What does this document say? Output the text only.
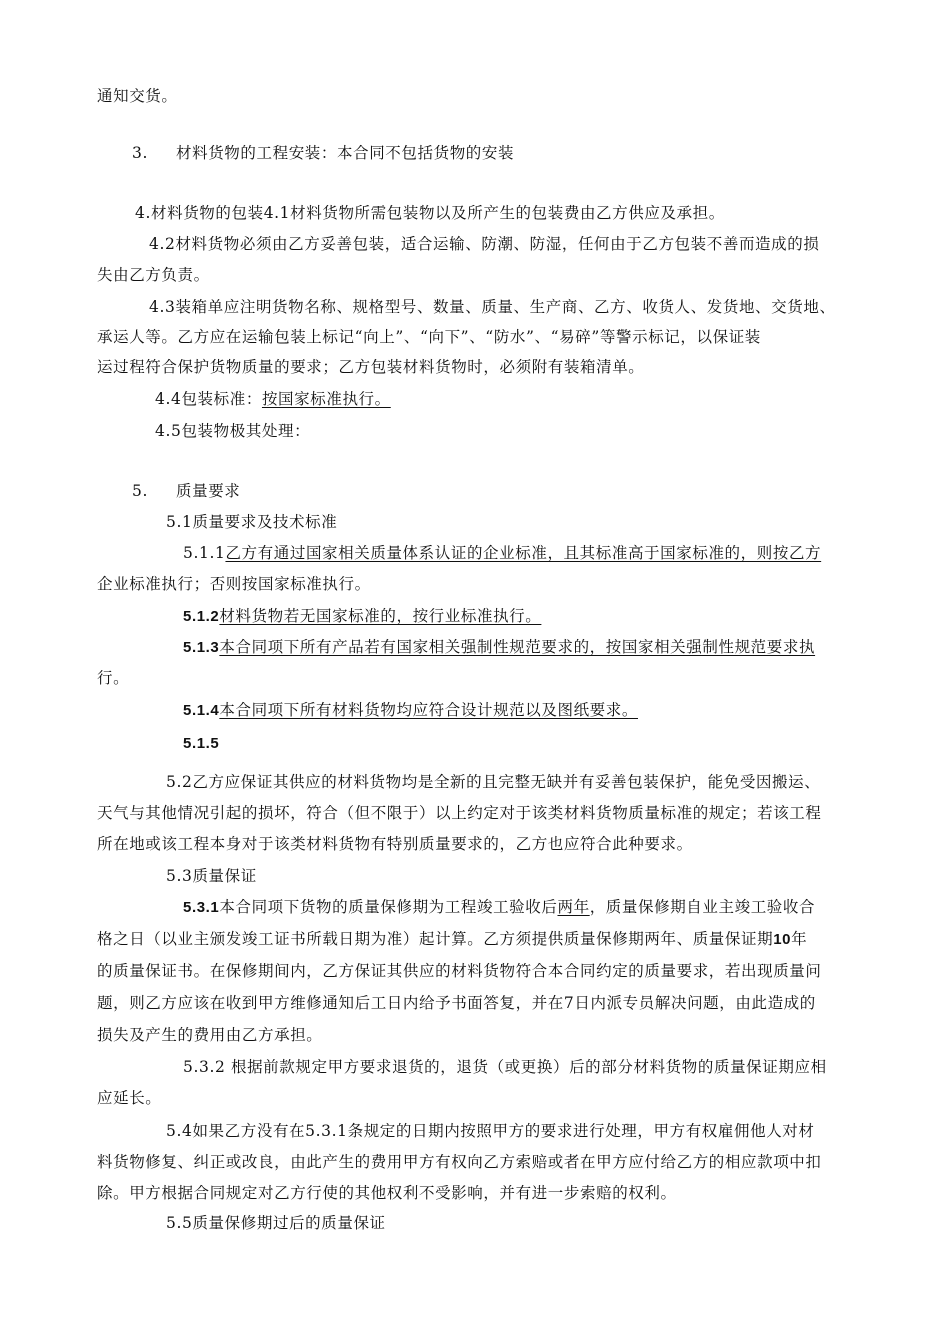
通知交货。
3. 材料货物的工程安装：本合同不包括货物的安装
4.材料货物的包装4.1材料货物所需包装物以及所产生的包装费由乙方供应及承担。
4.2材料货物必须由乙方妥善包装，适合运输、防潮、防湿，任何由于乙方包装不善而造成的损
失由乙方负责。
4.3装箱单应注明货物名称、规格型号、数量、质量、生产商、乙方、收货人、发货地、交货地、
承运人等。乙方应在运输包装上标记“向上”、“向下”、“防水”、“易碎”等警示标记，以保证装
运过程符合保护货物质量的要求；乙方包装材料货物时，必须附有装箱清单。
4.4包装标准：按国家标准执行。
4.5包装物极其处理：
5. 质量要求
5.1质量要求及技术标准
5.1.1乙方有通过国家相关质量体系认证的企业标准，且其标准高于国家标准的，则按乙方
企业标准执行；否则按国家标准执行。
5.1.2材料货物若无国家标准的，按行业标准执行。
5.1.3本合同项下所有产品若有国家相关强制性规范要求的，按国家相关强制性规范要求执
行。
5.1.4本合同项下所有材料货物均应符合设计规范以及图纸要求。
5.1.5
5.2乙方应保证其供应的材料货物均是全新的且完整无缺并有妥善包装保护，能免受因搬运、
天气与其他情况引起的损坏，符合（但不限于）以上约定对于该类材料货物质量标准的规定；若该工程
所在地或该工程本身对于该类材料货物有特别质量要求的，乙方也应符合此种要求。
5.3质量保证
5.3.1本合同项下货物的质量保修期为工程竣工验收后两年，质量保修期自业主竣工验收合
格之日（以业主颁发竣工证书所载日期为准）起计算。乙方须提供质量保修期两年、质量保证期10年
的质量保证书。在保修期间内，乙方保证其供应的材料货物符合本合同约定的质量要求，若出现质量问
题，则乙方应该在收到甲方维修通知后工日内给予书面答复，并在7日内派专员解决问题，由此造成的
损失及产生的费用由乙方承担。
5.3.2 根据前款规定甲方要求退货的，退货（或更换）后的部分材料货物的质量保证期应相
应延长。
5.4如果乙方没有在5.3.1条规定的日期内按照甲方的要求进行处理，甲方有权雇佣他人对材
料货物修复、纠正或改良，由此产生的费用甲方有权向乙方索赔或者在甲方应付给乙方的相应款项中扣
除。甲方根据合同规定对乙方行使的其他权利不受影响，并有进一步索赔的权利。
5.5质量保修期过后的质量保证
